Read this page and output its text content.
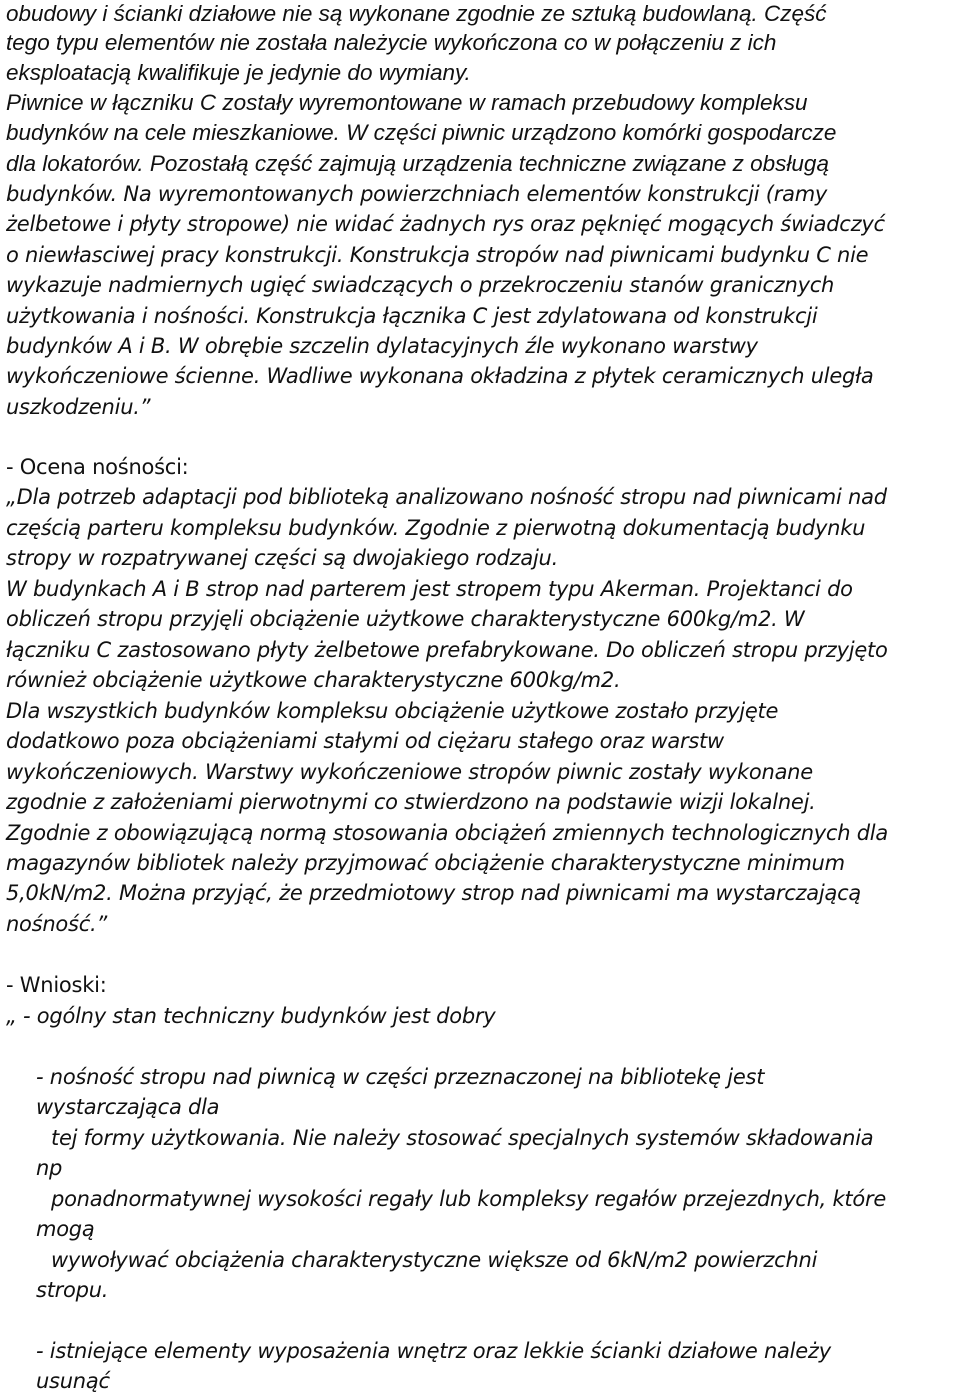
obudowy i ścianki działowe nie są wykonane zgodnie ze sztuką budowlaną. Część
tego typu elementów nie została należycie wykończona co w połączeniu z ich
eksploatacją kwalifikuje je jedynie do wymiany.
Piwnice w łączniku C zostały wyremontowane w ramach przebudowy kompleksu
budynków na cele mieszkaniowe. W części piwnic urządzono komórki gospodarcze
dla lokatorów. Pozostałą część zajmują urządzenia techniczne związane z obsługą
budynków. Na wyremontowanych powierzchniach elementów konstrukcji (ramy
żelbetowe i płyty stropowe) nie widać żadnych rys oraz pęknięć mogących świadczyć
o niewłasciwej pracy konstrukcji. Konstrukcja stropów nad piwnicami budynku C nie
wykazuje nadmiernych ugięć swiadczących o przekroczeniu stanów granicznych
użytkowania i nośności. Konstrukcja łącznika C jest zdylatowana od konstrukcji
budynków A i B. W obrębie szczelin dylatacyjnych źle wykonano warstwy
wykończeniowe ścienne. Wadliwe wykonana okładzina z płytek ceramicznych uległa
uszkodzeniu.”
- Ocena nośności:
„Dla potrzeb adaptacji pod biblioteką analizowano nośność stropu nad piwnicami nad
częścią parteru kompleksu budynków. Zgodnie z pierwotną dokumentacją budynku
stropy w rozpatrywanej części są dwojakiego rodzaju.
W budynkach A i B strop nad parterem jest stropem typu Akerman. Projektanci do
obliczeń stropu przyjęli obciążenie użytkowe charakterystyczne 600kg/m2. W
łączniku C zastosowano płyty żelbetowe prefabrykowane. Do obliczeń stropu przyjęto
również obciążenie użytkowe charakterystyczne 600kg/m2.
Dla wszystkich budynków kompleksu obciążenie użytkowe zostało przyjęte
dodatkowo poza obciążeniami stałymi od ciężaru stałego oraz warstw
wykończeniowych. Warstwy wykończeniowe stropów piwnic zostały wykonane
zgodnie z założeniami pierwotnymi co stwierdzono na podstawie wizji lokalnej.
Zgodnie z obowiązującą normą stosowania obciążeń zmiennych technologicznych dla
magazynów bibliotek należy przyjmować obciążenie charakterystyczne minimum
5,0kN/m2. Można przyjąć, że przedmiotowy strop nad piwnicami ma wystarczającą
nośność.”
- Wnioski:
„ - ogólny stan techniczny budynków jest dobry
- nośność stropu nad piwnicą w części przeznaczonej na bibliotekę jest
wystarczająca dla
tej formy użytkowania. Nie należy stosować specjalnych systemów składowania
np
ponadnormatywnej wysokości regały lub kompleksy regałów przejezdnych, które
mogą
wywoływać obciążenia charakterystyczne większe od 6kN/m2 powierzchni
stropu.
- istniejące elementy wyposażenia wnętrz oraz lekkie ścianki działowe należy
usunąć
